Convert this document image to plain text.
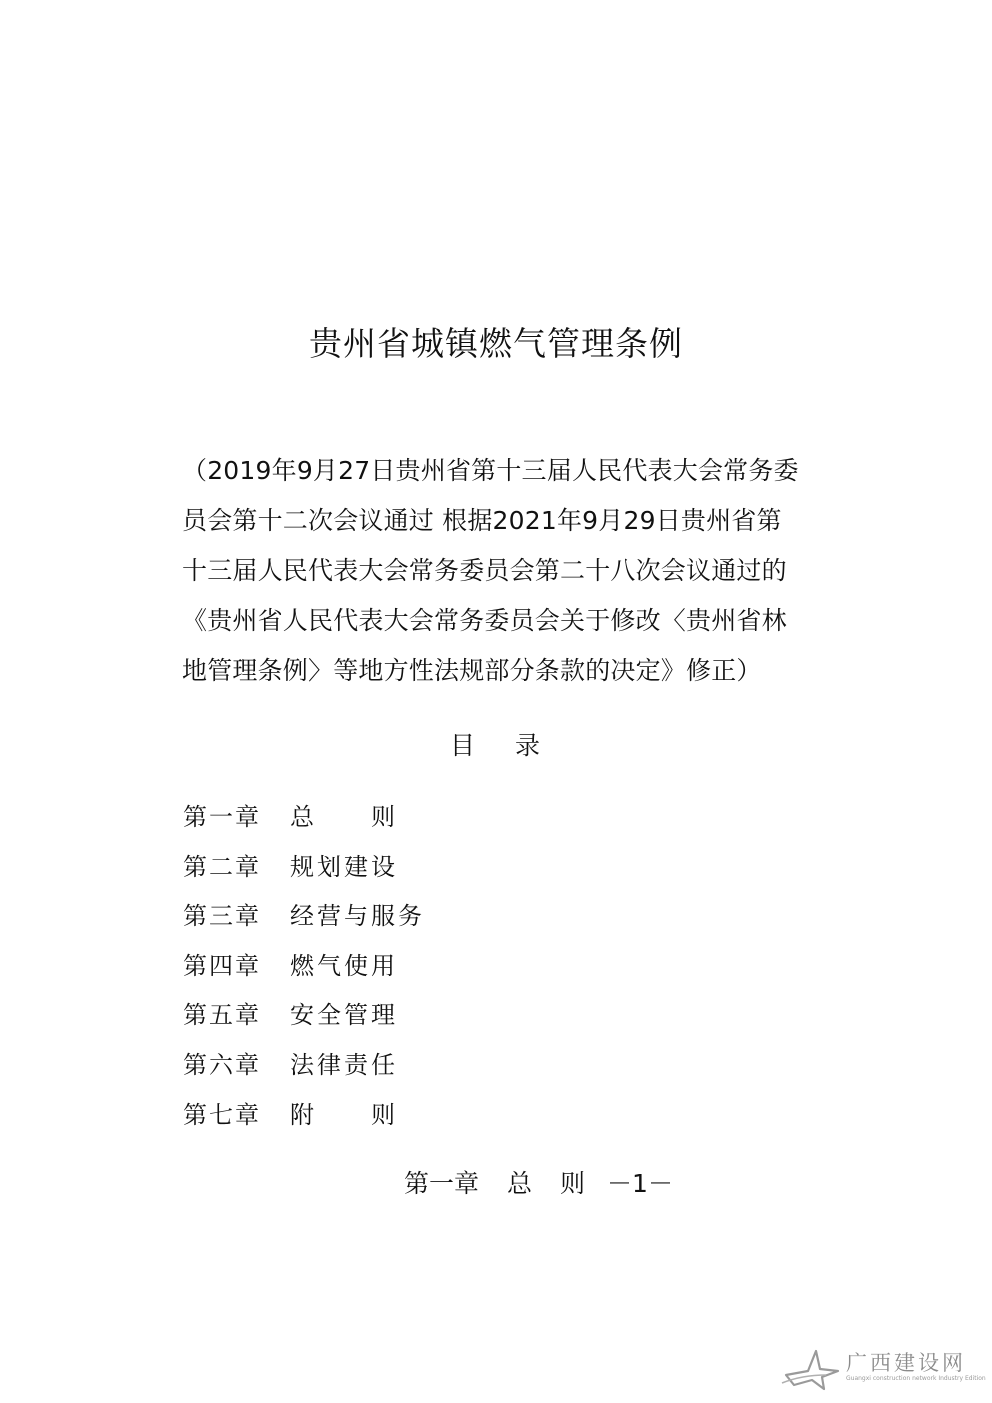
贵州省城镇燃气管理条例
（2019年9月27日贵州省第十三届人民代表大会常务委
员会第十二次会议通过 根据2021年9月29日贵州省第
十三届人民代表大会常务委员会第二十八次会议通过的
《贵州省人民代表大会常务委员会关于修改〈贵州省林
地管理条例〉等地方性法规部分条款的决定》修正）
目 录
第一章 总　　则
第二章 规划建设
第三章 经营与服务
第四章 燃气使用
第五章 安全管理
第六章 法律责任
第七章 附　　则
第一章 总 则 －1－
广西建设网
Guangxi construction network Industry Edition
